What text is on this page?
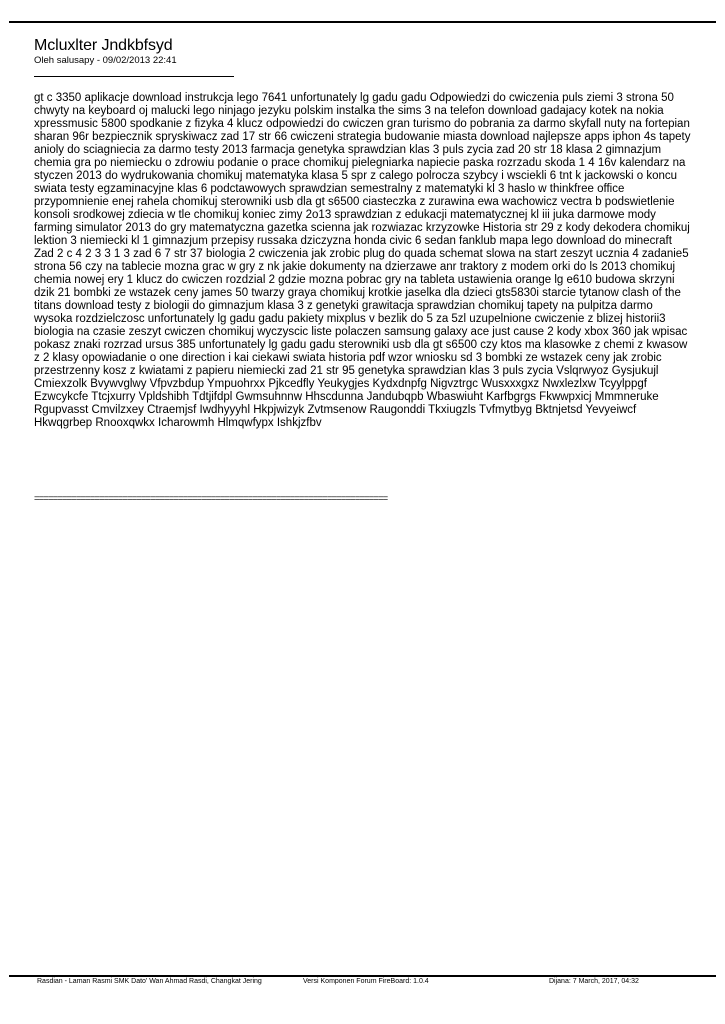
Mcluxlter Jndkbfsyd
Oleh salusapy - 09/02/2013 22:41

gt c 3350 aplikacje download instrukcja lego 7641 unfortunately lg gadu gadu Odpowiedzi do cwiczenia puls ziemi 3 strona 50 chwyty na keyboard oj malucki lego ninjago jezyku polskim instalka the sims 3 na telefon download gadajacy kotek na nokia xpressmusic 5800 spodkanie z fizyka 4 klucz odpowiedzi do cwiczen gran turismo do pobrania za darmo skyfall nuty na fortepian sharan 96r bezpiecznik spryskiwacz zad 17 str 66 cwiczeni strategia budowanie miasta download najlepsze apps iphon 4s tapety anioly do sciagniecia za darmo testy 2013 farmacja genetyka sprawdzian klas 3 puls zycia zad 20 str 18 klasa 2 gimnazjum chemia gra po niemiecku o zdrowiu podanie o prace chomikuj pielegniarka napiecie paska rozrzadu skoda 1 4 16v kalendarz na styczen 2013 do wydrukowania chomikuj matematyka klasa 5 spr z calego polrocza szybcy i wsciekli 6 tnt k jackowski o koncu swiata testy egzaminacyjne klas 6 podctawowych sprawdzian semestralny z matematyki kl 3 haslo w thinkfree office przypomnienie enej rahela chomikuj sterowniki usb dla gt s6500 ciasteczka z zurawina ewa wachowicz vectra b podswietlenie konsoli srodkowej zdiecia w tle chomikuj koniec zimy 2o13 sprawdzian z edukacji matematycznej kl iii juka darmowe mody farming simulator 2013 do gry matematyczna gazetka scienna jak rozwiazac krzyzowke Historia str 29 z kody dekodera chomikuj lektion 3 niemiecki kl 1 gimnazjum przepisy russaka dziczyzna honda civic 6 sedan fanklub mapa lego download do minecraft Zad 2 c 4 2 3 3 1 3 zad 6 7 str 37 biologia 2 cwiczenia jak zrobic plug do quada schemat slowa na start zeszyt ucznia 4 zadanie5 strona 56 czy na tablecie mozna grac w gry z nk jakie dokumenty na dzierzawe anr traktory z modem orki do ls 2013 chomikuj chemia nowej ery 1 klucz do cwiczen rozdzial 2 gdzie mozna pobrac gry na tableta ustawienia orange lg e610 budowa skrzyni dzik 21 bombki ze wstazek ceny james 50 twarzy graya chomikuj krotkie jaselka dla dzieci gts5830i starcie tytanow clash of the titans download testy z biologii do gimnazjum klasa 3 z genetyki grawitacja sprawdzian chomikuj tapety na pulpitza darmo wysoka rozdzielczosc unfortunately lg gadu gadu pakiety mixplus v bezlik do 5 za 5zl uzupelnione cwiczenie z blizej historii3 biologia na czasie zeszyt cwiczen chomikuj wyczyscic liste polaczen samsung galaxy ace just cause 2 kody xbox 360 jak wpisac pokasz znaki rozrzad ursus 385 unfortunately lg gadu gadu sterowniki usb dla gt s6500 czy ktos ma klasowke z chemi z kwasow z 2 klasy opowiadanie o one direction i kai ciekawi swiata historia pdf wzor wniosku sd 3 bombki ze wstazek ceny jak zrobic przestrzenny kosz z kwiatami z papieru niemiecki zad 21 str 95 genetyka sprawdzian klas 3 puls zycia Vslqrwyoz Gysjukujl Cmiexzolk Bvywvglwy Vfpvzbdup Ympuohrxx Pjkcedfly Yeukygjes Kydxdnpfg Nigvztrgc Wusxxxgxz Nwxlezlxw Tcyylppgf Ezwcykcfe Ttcjxurry Vpldshibh Tdtjifdpl Gwmsuhnnw Hhscdunna Jandubqpb Wbaswiuht Karfbgrgs Fkwwpxicj Mmmneruke Rgupvasst Cmvilzxey Ctraemjsf Iwdhyyyhl Hkpjwizyk Zvtmsenow Raugonddi Tkxiugzls Tvfmytbyg Bktnjetsd Yevyeiwcf Hkwqgrbep Rnooxqwkx Icharowmh Hlmqwfypx Ishkjzfbv

============================================================================
Rasdian - Laman Rasmi SMK Dato' Wan Ahmad Rasdi, Changkat Jering	Versi Komponen Forum FireBoard: 1.0.4	Dijana: 7 March, 2017, 04:32
